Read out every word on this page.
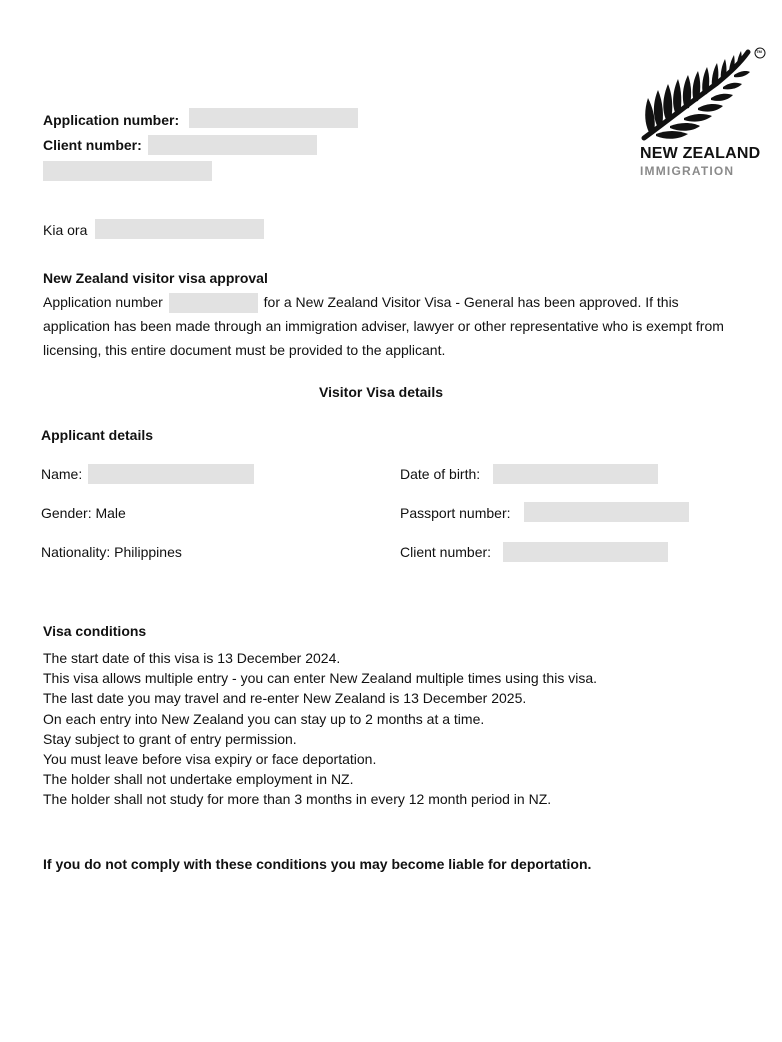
TM
NEW ZEALAND
IMMIGRATION
Application number:
Client number:
Kia ora
New Zealand visitor visa approval
Application number	for a New Zealand Visitor Visa - General has been approved. If this application has been made through an immigration adviser, lawyer or other representative who is exempt from licensing, this entire document must be provided to the applicant.
Visitor Visa details
Applicant details
Name:	Date of birth:
Gender: Male	Passport number:
Nationality: Philippines	Client number:
Visa conditions
The start date of this visa is 13 December 2024.
This visa allows multiple entry - you can enter New Zealand multiple times using this visa.
The last date you may travel and re-enter New Zealand is 13 December 2025.
On each entry into New Zealand you can stay up to 2 months at a time.
Stay subject to grant of entry permission.
You must leave before visa expiry or face deportation.
The holder shall not undertake employment in NZ.
The holder shall not study for more than 3 months in every 12 month period in NZ.
If you do not comply with these conditions you may become liable for deportation.
